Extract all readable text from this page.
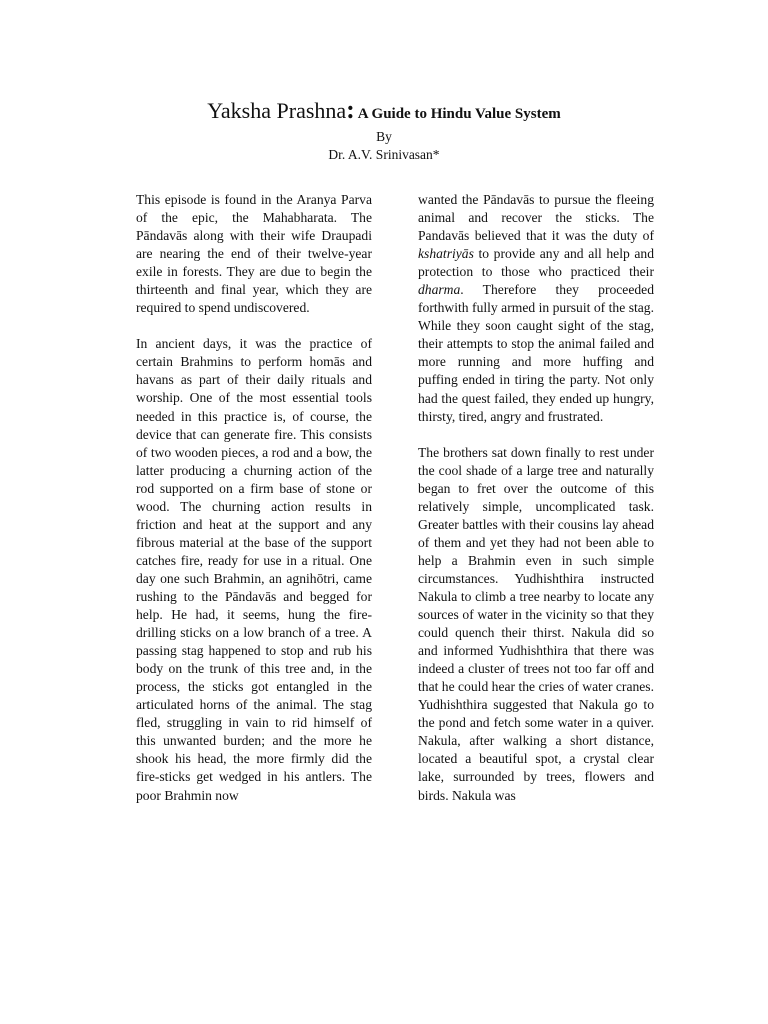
Yaksha Prashna: A Guide to Hindu Value System
By
Dr. A.V. Srinivasan*

This episode is found in the Aranya Parva of the epic, the Mahabharata. The Pāndavās along with their wife Draupadi are nearing the end of their twelve-year exile in forests. They are due to begin the thirteenth and final year, which they are required to spend undiscovered.

In ancient days, it was the practice of certain Brahmins to perform homās and havans as part of their daily rituals and worship. One of the most essential tools needed in this practice is, of course, the device that can generate fire. This consists of two wooden pieces, a rod and a bow, the latter producing a churning action of the rod supported on a firm base of stone or wood. The churning action results in friction and heat at the support and any fibrous material at the base of the support catches fire, ready for use in a ritual. One day one such Brahmin, an agnihōtri, came rushing to the Pāndavās and begged for help. He had, it seems, hung the fire-drilling sticks on a low branch of a tree. A passing stag happened to stop and rub his body on the trunk of this tree and, in the process, the sticks got entangled in the articulated horns of the animal. The stag fled, struggling in vain to rid himself of this unwanted burden; and the more he shook his head, the more firmly did the fire-sticks get wedged in his antlers. The poor Brahmin now

wanted the Pāndavās to pursue the fleeing animal and recover the sticks. The Pandavās believed that it was the duty of kshatriyās to provide any and all help and protection to those who practiced their dharma. Therefore they proceeded forthwith fully armed in pursuit of the stag. While they soon caught sight of the stag, their attempts to stop the animal failed and more running and more huffing and puffing ended in tiring the party. Not only had the quest failed, they ended up hungry, thirsty, tired, angry and frustrated.

The brothers sat down finally to rest under the cool shade of a large tree and naturally began to fret over the outcome of this relatively simple, uncomplicated task. Greater battles with their cousins lay ahead of them and yet they had not been able to help a Brahmin even in such simple circumstances. Yudhishthira instructed Nakula to climb a tree nearby to locate any sources of water in the vicinity so that they could quench their thirst. Nakula did so and informed Yudhishthira that there was indeed a cluster of trees not too far off and that he could hear the cries of water cranes. Yudhishthira suggested that Nakula go to the pond and fetch some water in a quiver. Nakula, after walking a short distance, located a beautiful spot, a crystal clear lake, surrounded by trees, flowers and birds. Nakula was
